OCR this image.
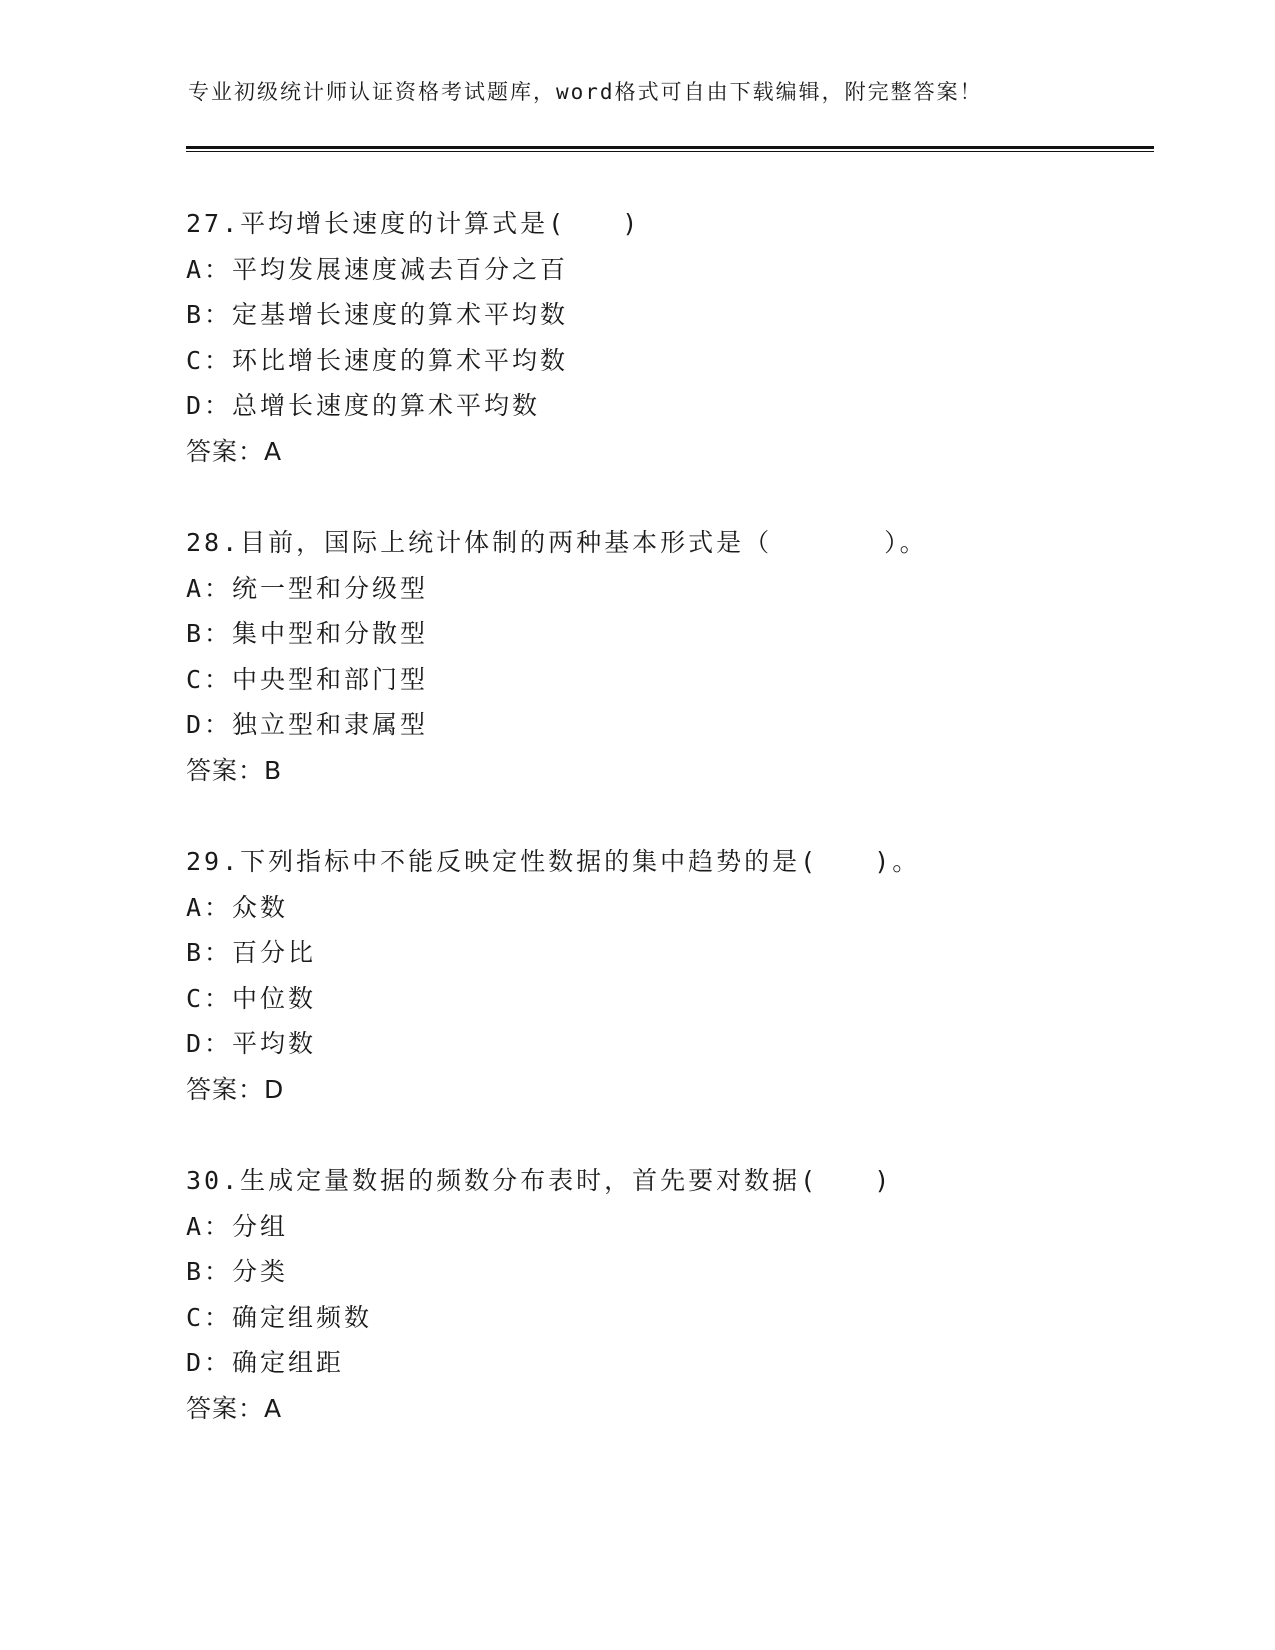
专业初级统计师认证资格考试题库，word格式可自由下载编辑，附完整答案！
27.平均增长速度的计算式是(　　)
A：平均发展速度减去百分之百
B：定基增长速度的算术平均数
C：环比增长速度的算术平均数
D：总增长速度的算术平均数
答案：A
28.目前，国际上统计体制的两种基本形式是（　　　　）。
A：统一型和分级型
B：集中型和分散型
C：中央型和部门型
D：独立型和隶属型
答案：B
29.下列指标中不能反映定性数据的集中趋势的是(　　)。
A：众数
B：百分比
C：中位数
D：平均数
答案：D
30.生成定量数据的频数分布表时，首先要对数据(　　)
A：分组
B：分类
C：确定组频数
D：确定组距
答案：A
